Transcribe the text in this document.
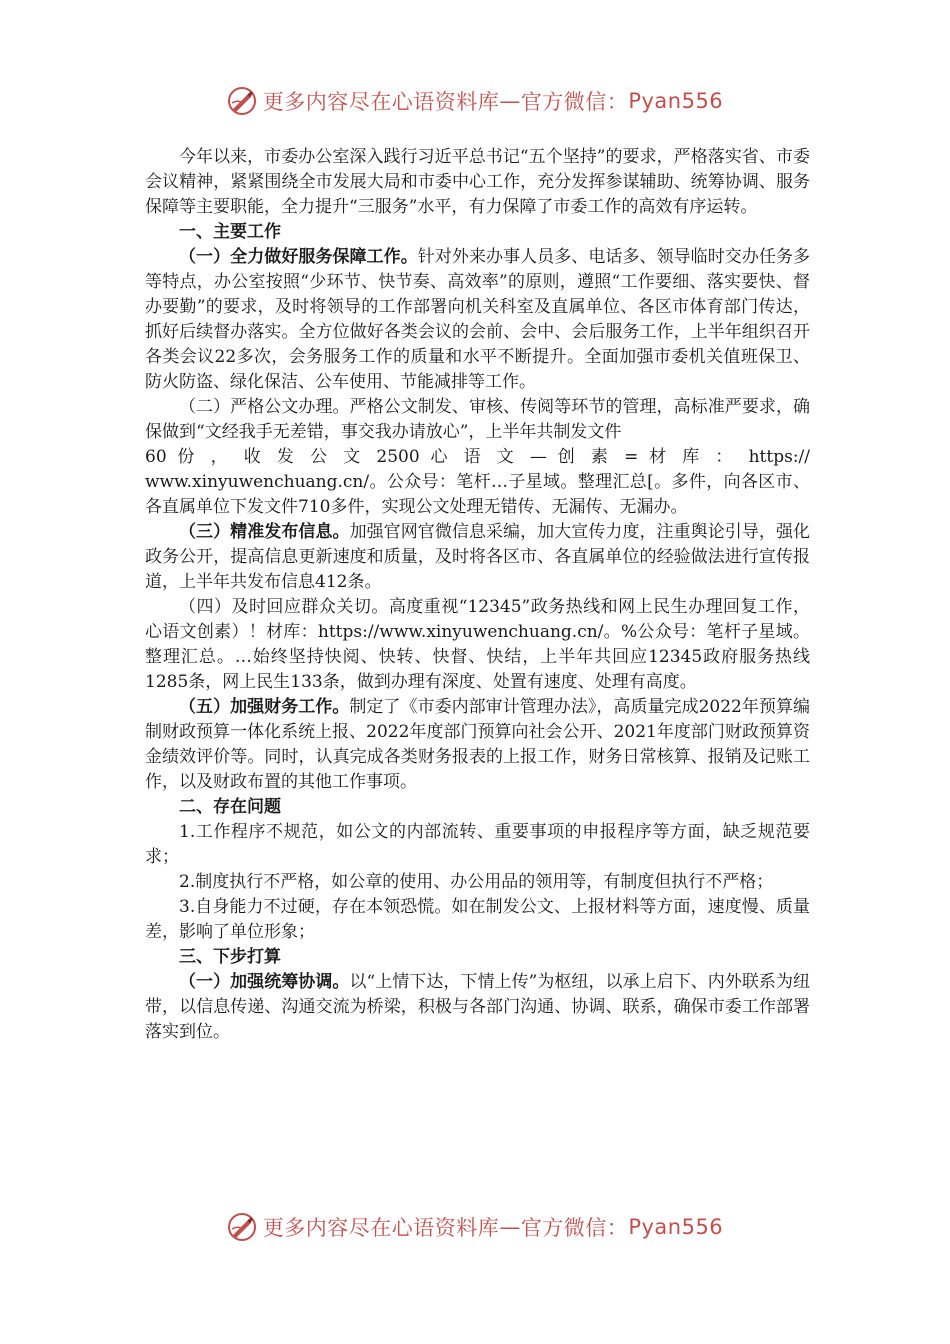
更多内容尽在心语资料库 — 官方微信： Pyan556

今年以来，市委办公室深入践行习近平总书记“五个坚持”的要求，严格落实省、市委会议精神，紧紧围绕全市发展大局和市委中心工作，充分发挥参谋辅助、统筹协调、服务保障等主要职能，全力提升“三服务”水平，有力保障了市委工作的高效有序运转。

一、主要工作

（一）全力做好服务保障工作。针对外来办事人员多、电话多、领导临时交办任务多等特点，办公室按照“少环节、快节奏、高效率”的原则，遵照“工作要细、落实要快、督办要勤”的要求，及时将领导的工作部署向机关科室及直属单位、各区市体育部门传达，抓好后续督办落实。全方位做好各类会议的会前、会中、会后服务工作，上半年组织召开各类会议22多次，会务服务工作的质量和水平不断提升。全面加强市委机关值班保卫、防火防盗、绿化保洁、公车使用、节能减排等工作。

（二）严格公文办理。严格公文制发、审核、传阅等环节的管理，高标准严要求，确保做到“文经我手无差错，事交我办请放心”，上半年共制发文件

60 份 ， 收 发 公 文 2500 心 语 文 — 创 素 = 材 库 ： https://

www.xinyuwenchuang.cn/。公众号：笔杆…子星域。整理汇总[。多件，向各区市、各直属单位下发文件710多件，实现公文处理无错传、无漏传、无漏办。

（三）精准发布信息。加强官网官微信息采编，加大宣传力度，注重舆论引导，强化政务公开，提高信息更新速度和质量，及时将各区市、各直属单位的经验做法进行宣传报道，上半年共发布信息412条。

（四）及时回应群众关切。高度重视“12345”政务热线和网上民生办理回复工作，心语文创素）！材库：https://www.xinyuwenchuang.cn/。%公众号：笔杆子星域。整理汇总。…始终坚持快阅、快转、快督、快结，上半年共回应12345政府服务热线1285条，网上民生133条，做到办理有深度、处置有速度、处理有高度。

（五）加强财务工作。制定了《市委内部审计管理办法》，高质量完成2022年预算编制财政预算一体化系统上报、2022年度部门预算向社会公开、2021年度部门财政预算资金绩效评价等。同时，认真完成各类财务报表的上报工作，财务日常核算、报销及记账工作，以及财政布置的其他工作事项。

二、存在问题

1.工作程序不规范，如公文的内部流转、重要事项的申报程序等方面，缺乏规范要求；

2.制度执行不严格，如公章的使用、办公用品的领用等，有制度但执行不严格；

3.自身能力不过硬，存在本领恐慌。如在制发公文、上报材料等方面，速度慢、质量差，影响了单位形象；

三、下步打算

（一）加强统筹协调。以“上情下达，下情上传”为枢纽，以承上启下、内外联系为纽带，以信息传递、沟通交流为桥梁，积极与各部门沟通、协调、联系，确保市委工作部署落实到位。

更多内容尽在心语资料库 — 官方微信： Pyan556
